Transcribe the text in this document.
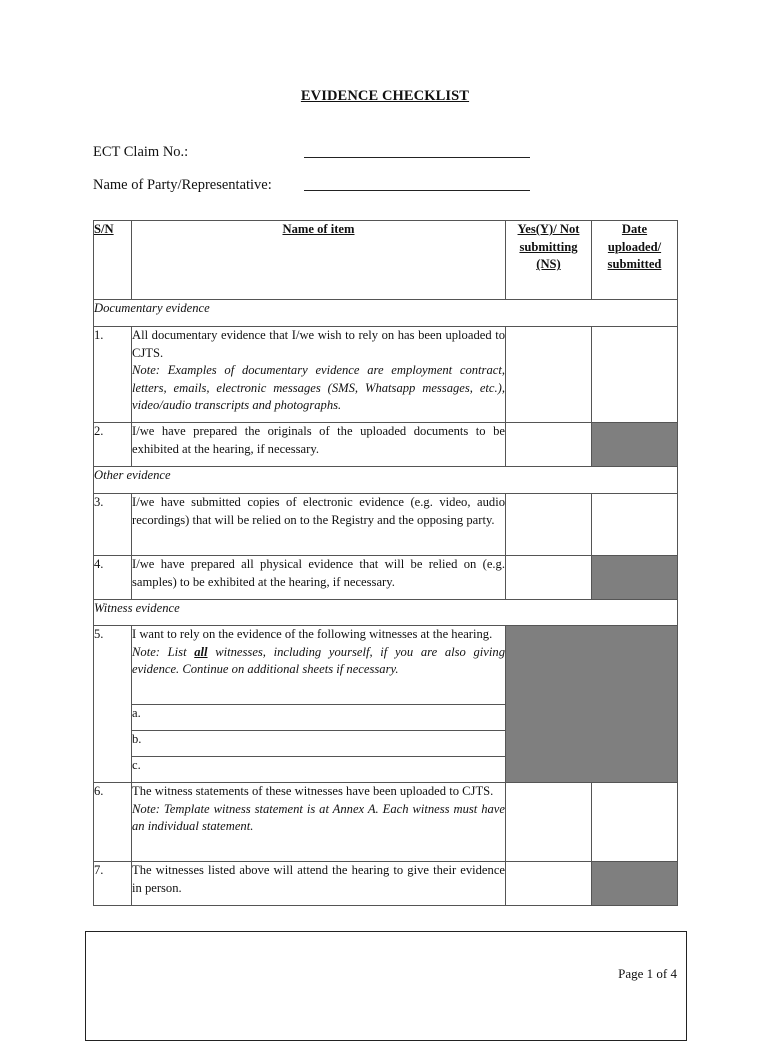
EVIDENCE CHECKLIST
ECT Claim No.:
Name of Party/Representative:
S/N	Name of item	Yes(Y)/ Not submitting (NS)	Date uploaded/ submitted
Documentary evidence			
1.	All documentary evidence that I/we wish to rely on has been uploaded to CJTS.
Note: Examples of documentary evidence are employment contract, letters, emails, electronic messages (SMS, Whatsapp messages, etc.), video/audio transcripts and photographs.		

2.	I/we have prepared the originals of the uploaded documents to be exhibited at the hearing, if necessary.		
Other evidence			
3.	I/we have submitted copies of electronic evidence (e.g. video, audio recordings) that will be relied on to the Registry and the opposing party.		
4.	I/we have prepared all physical evidence that will be relied on (e.g. samples) to be exhibited at the hearing, if necessary.		
Witness evidence			
5.	I want to rely on the evidence of the following witnesses at the hearing.
Note: List all witnesses, including yourself, if you are also giving evidence. Continue on additional sheets if necessary.		

	a.		
	b.		
	c.		
6.	The witness statements of these witnesses have been uploaded to CJTS.
Note: Template witness statement is at Annex A. Each witness must have an individual statement.		

7.	The witnesses listed above will attend the hearing to give their evidence in person.		
Page 1 of 4
